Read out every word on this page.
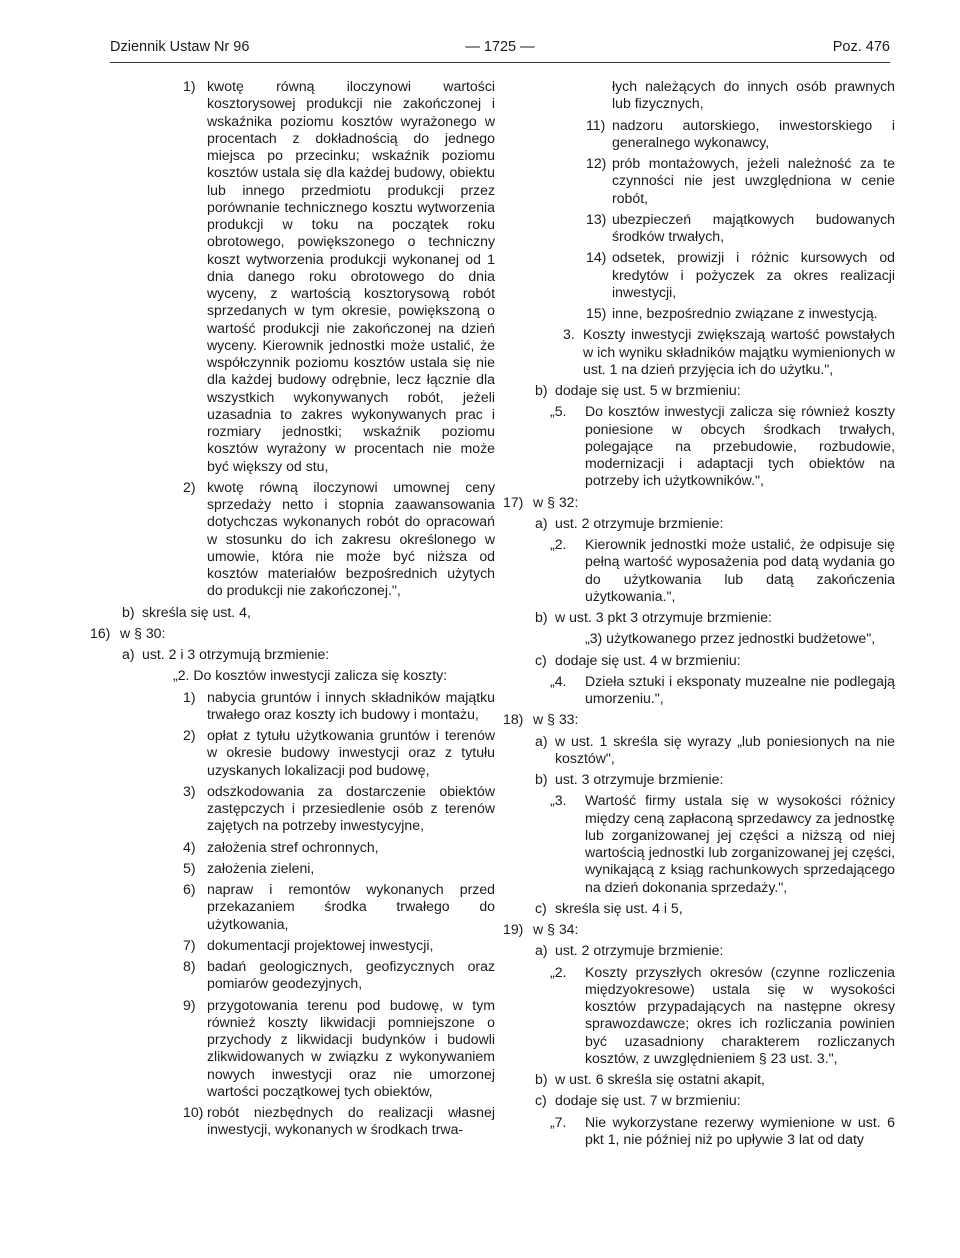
Dziennik Ustaw Nr 96	— 1725 —	Poz. 476
1) kwotę równą iloczynowi wartości kosztorysowej produkcji nie zakończonej i wskaźnika poziomu kosztów wyrażonego w procentach z dokładnością do jednego miejsca po przecinku; wskaźnik poziomu kosztów ustala się dla każdej budowy, obiektu lub innego przedmiotu produkcji przez porównanie technicznego kosztu wytworzenia produkcji w toku na początek roku obrotowego, powiększonego o techniczny koszt wytworzenia produkcji wykonanej od 1 dnia danego roku obrotowego do dnia wyceny, z wartością kosztorysową robót sprzedanych w tym okresie, powiększoną o wartość produkcji nie zakończonej na dzień wyceny. Kierownik jednostki może ustalić, że współczynnik poziomu kosztów ustala się nie dla każdej budowy odrębnie, lecz łącznie dla wszystkich wykonywanych robót, jeżeli uzasadnia to zakres wykonywanych prac i rozmiary jednostki; wskaźnik poziomu kosztów wyrażony w procentach nie może być większy od stu,
2) kwotę równą iloczynowi umownej ceny sprzedaży netto i stopnia zaawansowania dotychczas wykonanych robót do opracowań w stosunku do ich zakresu określonego w umowie, która nie może być niższa od kosztów materiałów bezpośrednich użytych do produkcji nie zakończonej.",
b) skreśla się ust. 4,
16) w § 30:
a) ust. 2 i 3 otrzymują brzmienie:
„2. Do kosztów inwestycji zalicza się koszty:
1) nabycia gruntów i innych składników majątku trwałego oraz koszty ich budowy i montażu,
2) opłat z tytułu użytkowania gruntów i terenów w okresie budowy inwestycji oraz z tytułu uzyskanych lokalizacji pod budowę,
3) odszkodowania za dostarczenie obiektów zastępczych i przesiedlenie osób z terenów zajętych na potrzeby inwestycyjne,
4) założenia stref ochronnych,
5) założenia zieleni,
6) napraw i remontów wykonanych przed przekazaniem środka trwałego do użytkowania,
7) dokumentacji projektowej inwestycji,
8) badań geologicznych, geofizycznych oraz pomiarów geodezyjnych,
9) przygotowania terenu pod budowę, w tym również koszty likwidacji pomniejszone o przychody z likwidacji budynków i budowli zlikwidowanych w związku z wykonywaniem nowych inwestycji oraz nie umorzonej wartości początkowej tych obiektów,
10) robót niezbędnych do realizacji własnej inwestycji, wykonanych w środkach trwa-
łych należących do innych osób prawnych lub fizycznych,
11) nadzoru autorskiego, inwestorskiego i generalnego wykonawcy,
12) prób montażowych, jeżeli należność za te czynności nie jest uwzględniona w cenie robót,
13) ubezpieczeń majątkowych budowanych środków trwałych,
14) odsetek, prowizji i różnic kursowych od kredytów i pożyczek za okres realizacji inwestycji,
15) inne, bezpośrednio związane z inwestycją.
3. Koszty inwestycji zwiększają wartość powstałych w ich wyniku składników majątku wymienionych w ust. 1 na dzień przyjęcia ich do użytku.",
b) dodaje się ust. 5 w brzmieniu:
„5. Do kosztów inwestycji zalicza się również koszty poniesione w obcych środkach trwałych, polegające na przebudowie, rozbudowie, modernizacji i adaptacji tych obiektów na potrzeby ich użytkowników.",
17) w § 32:
a) ust. 2 otrzymuje brzmienie:
„2. Kierownik jednostki może ustalić, że odpisuje się pełną wartość wyposażenia pod datą wydania go do użytkowania lub datą zakończenia użytkowania.",
b) w ust. 3 pkt 3 otrzymuje brzmienie:
„3) użytkowanego przez jednostki budżetowe",
c) dodaje się ust. 4 w brzmieniu:
„4. Dzieła sztuki i eksponaty muzealne nie podlegają umorzeniu.",
18) w § 33:
a) w ust. 1 skreśla się wyrazy „lub poniesionych na nie kosztów",
b) ust. 3 otrzymuje brzmienie:
„3. Wartość firmy ustala się w wysokości różnicy między ceną zapłaconą sprzedawcy za jednostkę lub zorganizowanej jej części a niższą od niej wartością jednostki lub zorganizowanej jej części, wynikającą z ksiąg rachunkowych sprzedającego na dzień dokonania sprzedaży.",
c) skreśla się ust. 4 i 5,
19) w § 34:
a) ust. 2 otrzymuje brzmienie:
„2. Koszty przyszłych okresów (czynne rozliczenia międzyokresowe) ustala się w wysokości kosztów przypadających na następne okresy sprawozdawcze; okres ich rozliczania powinien być uzasadniony charakterem rozliczanych kosztów, z uwzględnieniem § 23 ust. 3.",
b) w ust. 6 skreśla się ostatni akapit,
c) dodaje się ust. 7 w brzmieniu:
„7. Nie wykorzystane rezerwy wymienione w ust. 6 pkt 1, nie później niż po upływie 3 lat od daty
